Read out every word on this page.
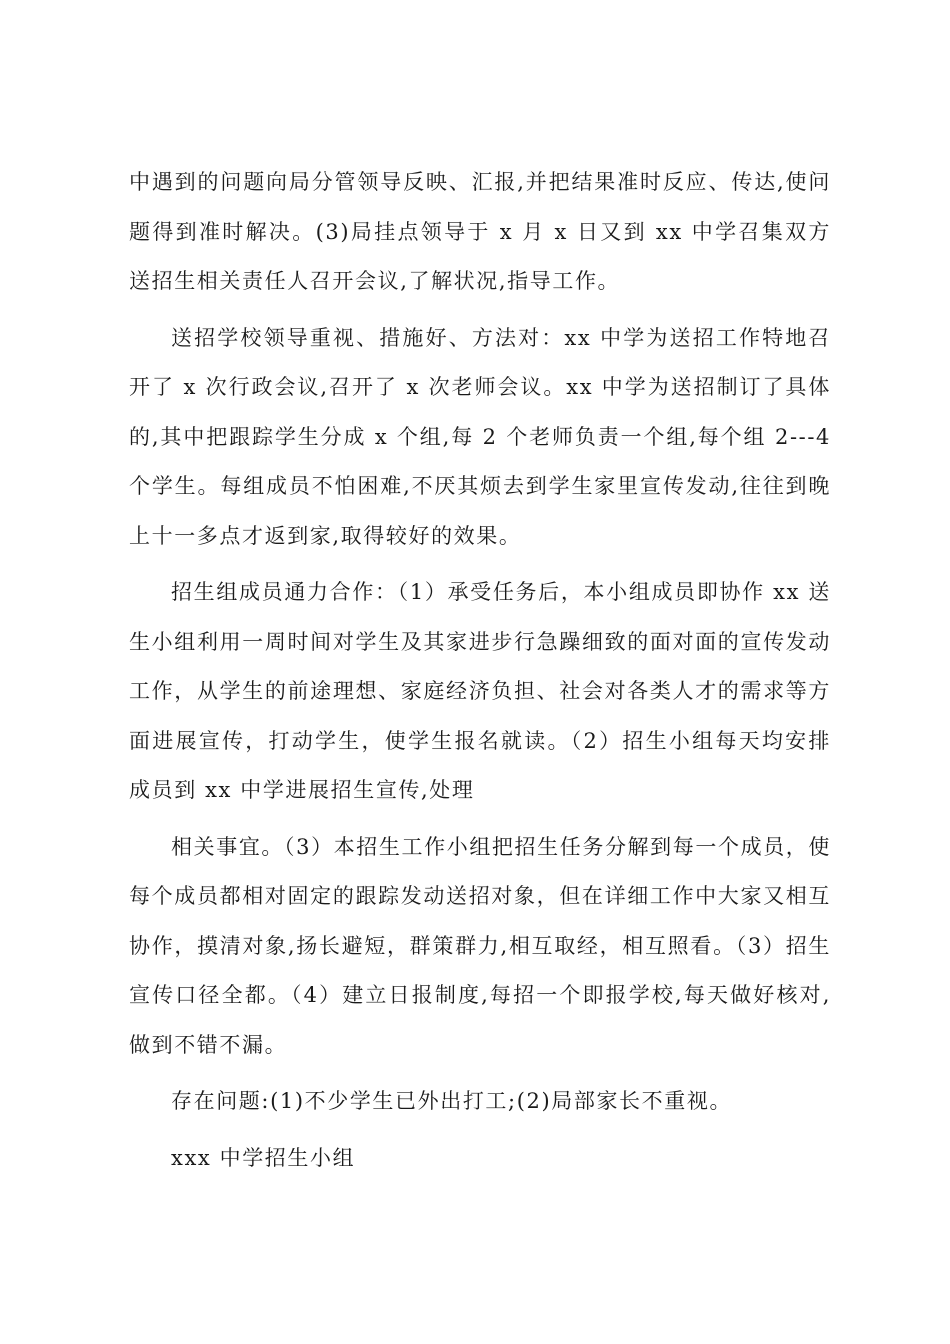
中遇到的问题向局分管领导反映、汇报,并把结果准时反应、传达,使问题得到准时解决。(3)局挂点领导于 x 月 x 日又到 xx 中学召集双方送招生相关责任人召开会议,了解状况,指导工作。

送招学校领导重视、措施好、方法对：xx 中学为送招工作特地召开了 x 次行政会议,召开了 x 次老师会议。xx 中学为送招制订了具体的,其中把跟踪学生分成 x 个组,每 2 个老师负责一个组,每个组 2---4 个学生。每组成员不怕困难,不厌其烦去到学生家里宣传发动,往往到晚上十一多点才返到家,取得较好的效果。

招生组成员通力合作：（1）承受任务后，本小组成员即协作 xx 送生小组利用一周时间对学生及其家进步行急躁细致的面对面的宣传发动工作，从学生的前途理想、家庭经济负担、社会对各类人才的需求等方面进展宣传，打动学生，使学生报名就读。（2）招生小组每天均安排成员到 xx 中学进展招生宣传,处理

相关事宜。（3）本招生工作小组把招生任务分解到每一个成员，使每个成员都相对固定的跟踪发动送招对象，但在详细工作中大家又相互协作，摸清对象,扬长避短，群策群力,相互取经，相互照看。（3）招生宣传口径全都。（4）建立日报制度,每招一个即报学校,每天做好核对,做到不错不漏。

存在问题:(1)不少学生已外出打工;(2)局部家长不重视。

xxx 中学招生小组
